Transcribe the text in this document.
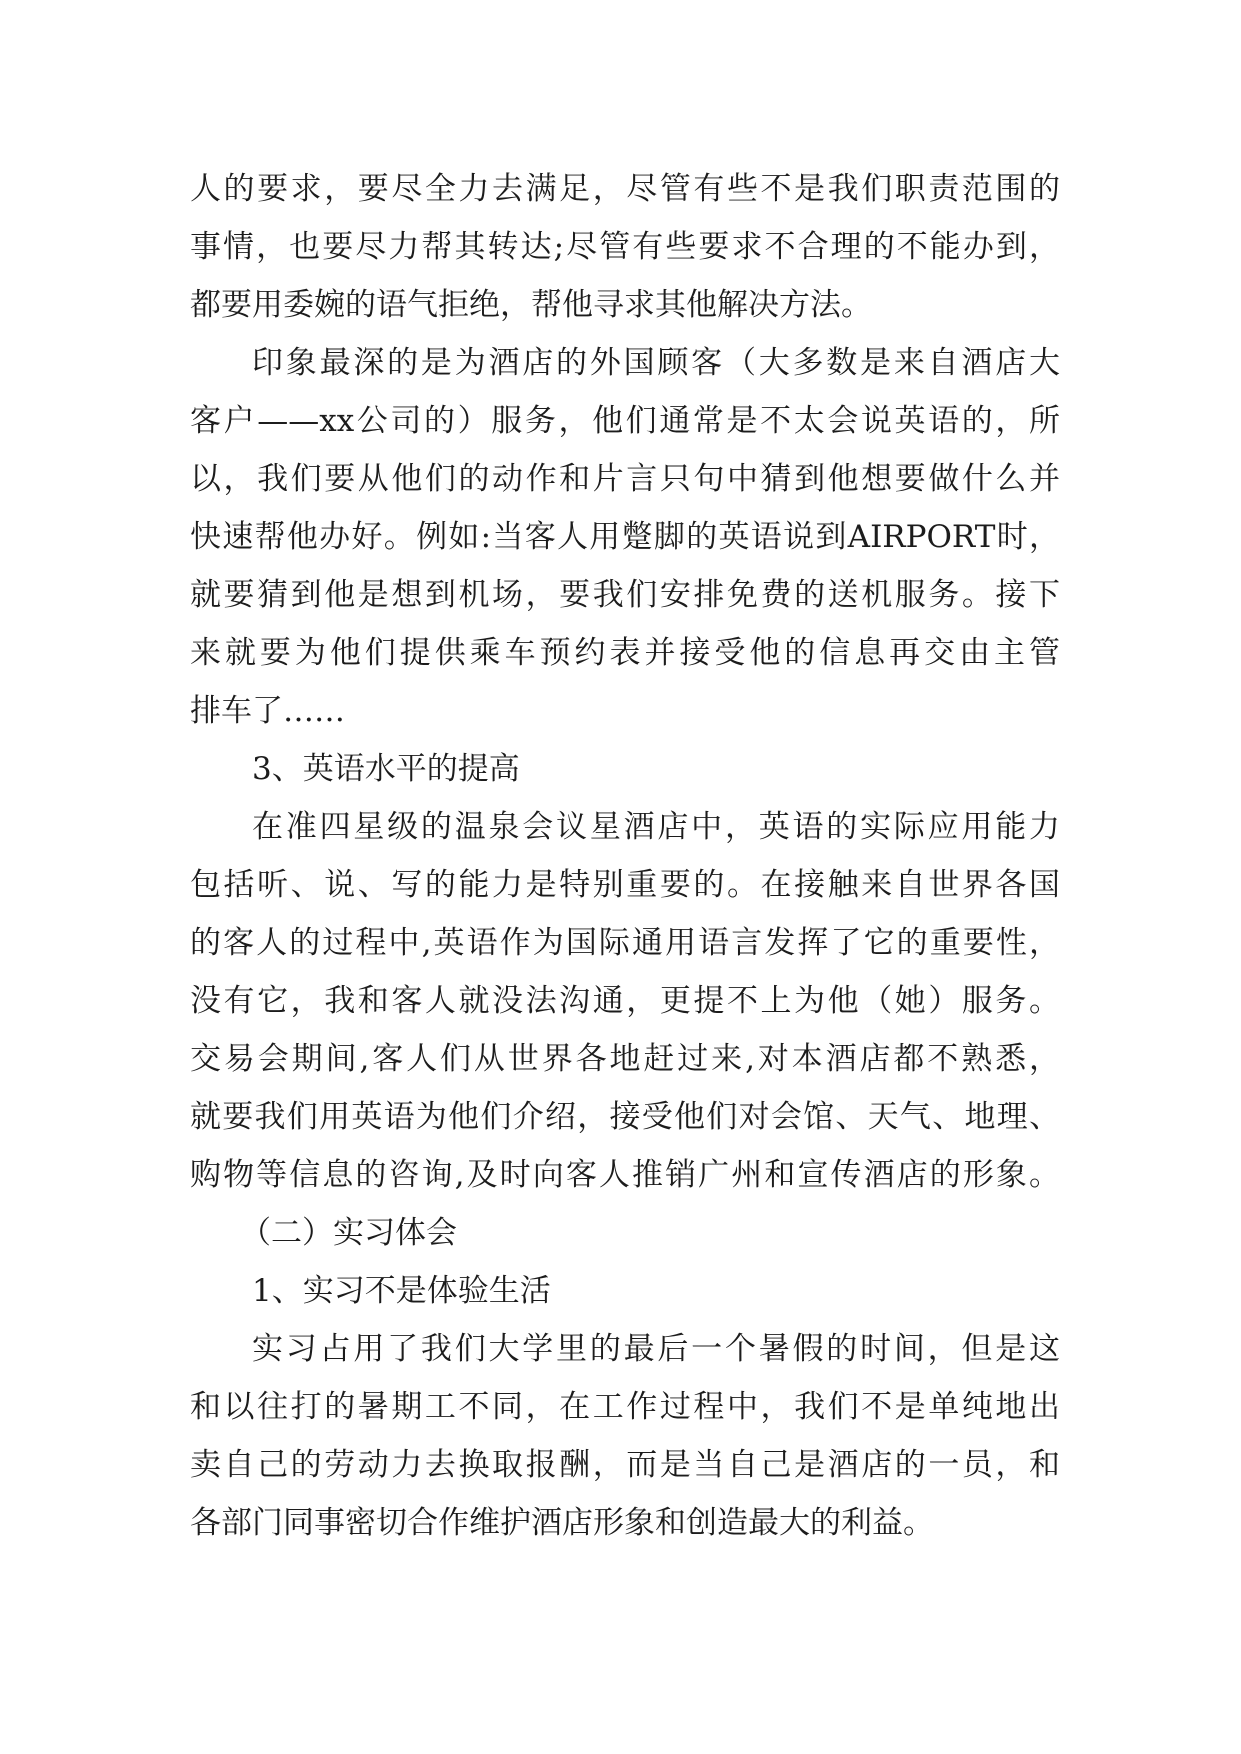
人的要求，要尽全力去满足，尽管有些不是我们职责范围的
事情，也要尽力帮其转达;尽管有些要求不合理的不能办到，
都要用委婉的语气拒绝，帮他寻求其他解决方法。
印象最深的是为酒店的外国顾客（大多数是来自酒店大
客户——xx公司的）服务，他们通常是不太会说英语的，所
以，我们要从他们的动作和片言只句中猜到他想要做什么并
快速帮他办好。例如:当客人用蹩脚的英语说到AIRPORT时，
就要猜到他是想到机场，要我们安排免费的送机服务。接下
来就要为他们提供乘车预约表并接受他的信息再交由主管
排车了……
3、英语水平的提高
在准四星级的温泉会议星酒店中，英语的实际应用能力
包括听、说、写的能力是特别重要的。在接触来自世界各国
的客人的过程中,英语作为国际通用语言发挥了它的重要性，
没有它，我和客人就没法沟通，更提不上为他（她）服务。
交易会期间,客人们从世界各地赶过来,对本酒店都不熟悉，
就要我们用英语为他们介绍，接受他们对会馆、天气、地理、
购物等信息的咨询,及时向客人推销广州和宣传酒店的形象。
（二）实习体会
1、实习不是体验生活
实习占用了我们大学里的最后一个暑假的时间，但是这
和以往打的暑期工不同，在工作过程中，我们不是单纯地出
卖自己的劳动力去换取报酬，而是当自己是酒店的一员，和
各部门同事密切合作维护酒店形象和创造最大的利益。
